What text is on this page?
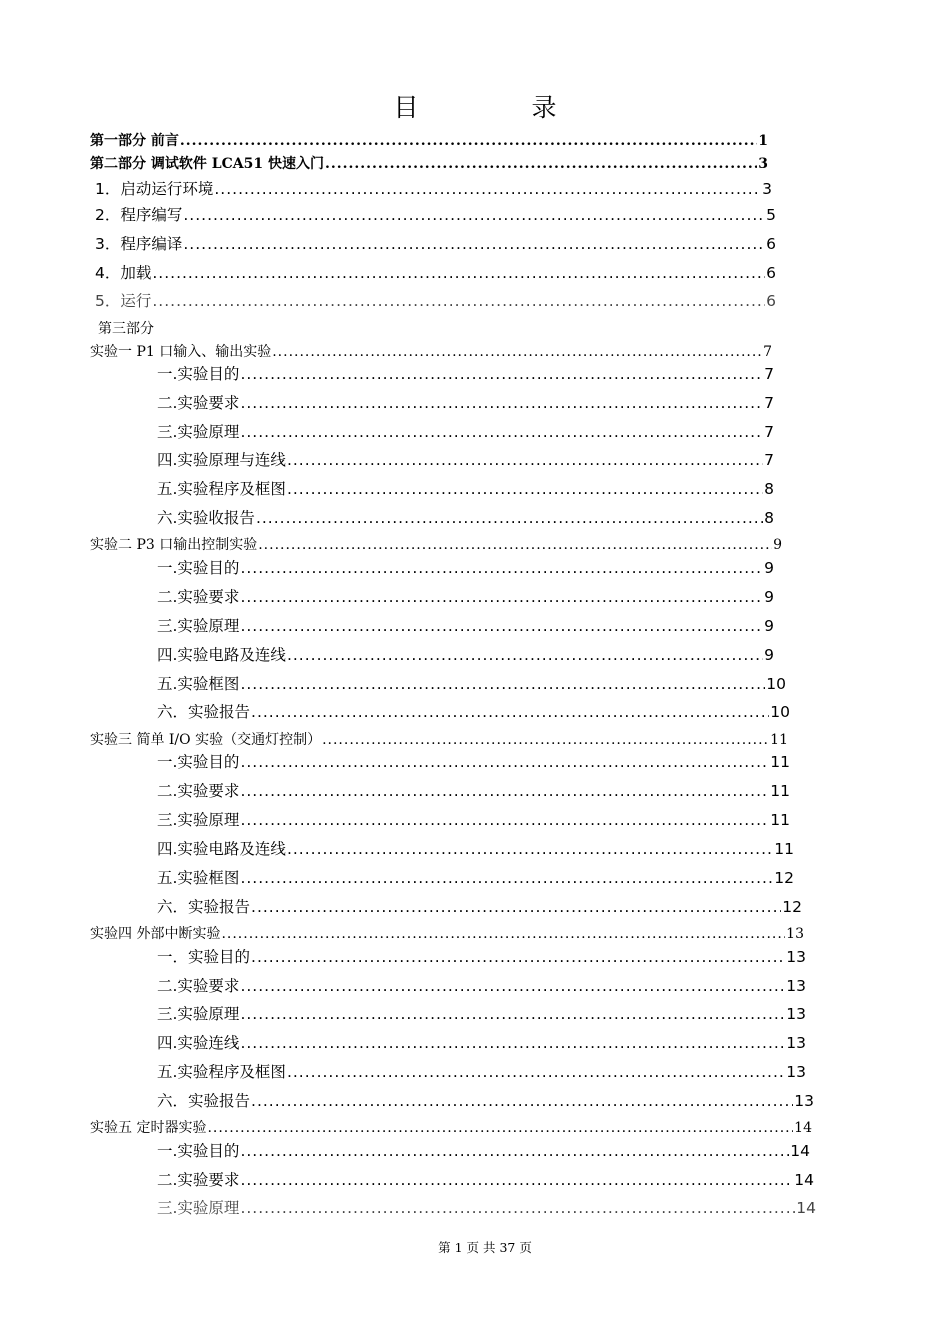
目　录
第一部分 前言 .....	1
第二部分 调试软件 LCA51 快速入门 .....	3
1．启动运行环境 .....	3
2．程序编写 .....	5
3．程序编译 .....	6
4．加载 .....	6
5．运行 .....	6
第三部分
实验一 P1 口输入、输出实验 .....	7
一.实验目的 .....	7
二.实验要求 .....	7
三.实验原理 .....	7
四.实验原理与连线 .....	7
五.实验程序及框图 .....	8
六.实验收报告 .....	8
实验二 P3 口输出控制实验 .....	9
一.实验目的 .....	9
二.实验要求 .....	9
三.实验原理 .....	9
四.实验电路及连线 .....	9
五.实验框图 .....	10
六．实验报告 .....	10
实验三 简单 I/O 实验（交通灯控制） .....	11
一.实验目的 .....	11
二.实验要求 .....	11
三.实验原理 .....	11
四.实验电路及连线 .....	11
五.实验框图 .....	12
六．实验报告 .....	12
实验四 外部中断实验 .....	13
一．实验目的 .....	13
二.实验要求 .....	13
三.实验原理 .....	13
四.实验连线 .....	13
五.实验程序及框图 .....	13
六．实验报告 .....	13
实验五 定时器实验 .....	14
一.实验目的 .....	14
二.实验要求 .....	14
三.实验原理 .....	14
第 1 页 共 37 页
